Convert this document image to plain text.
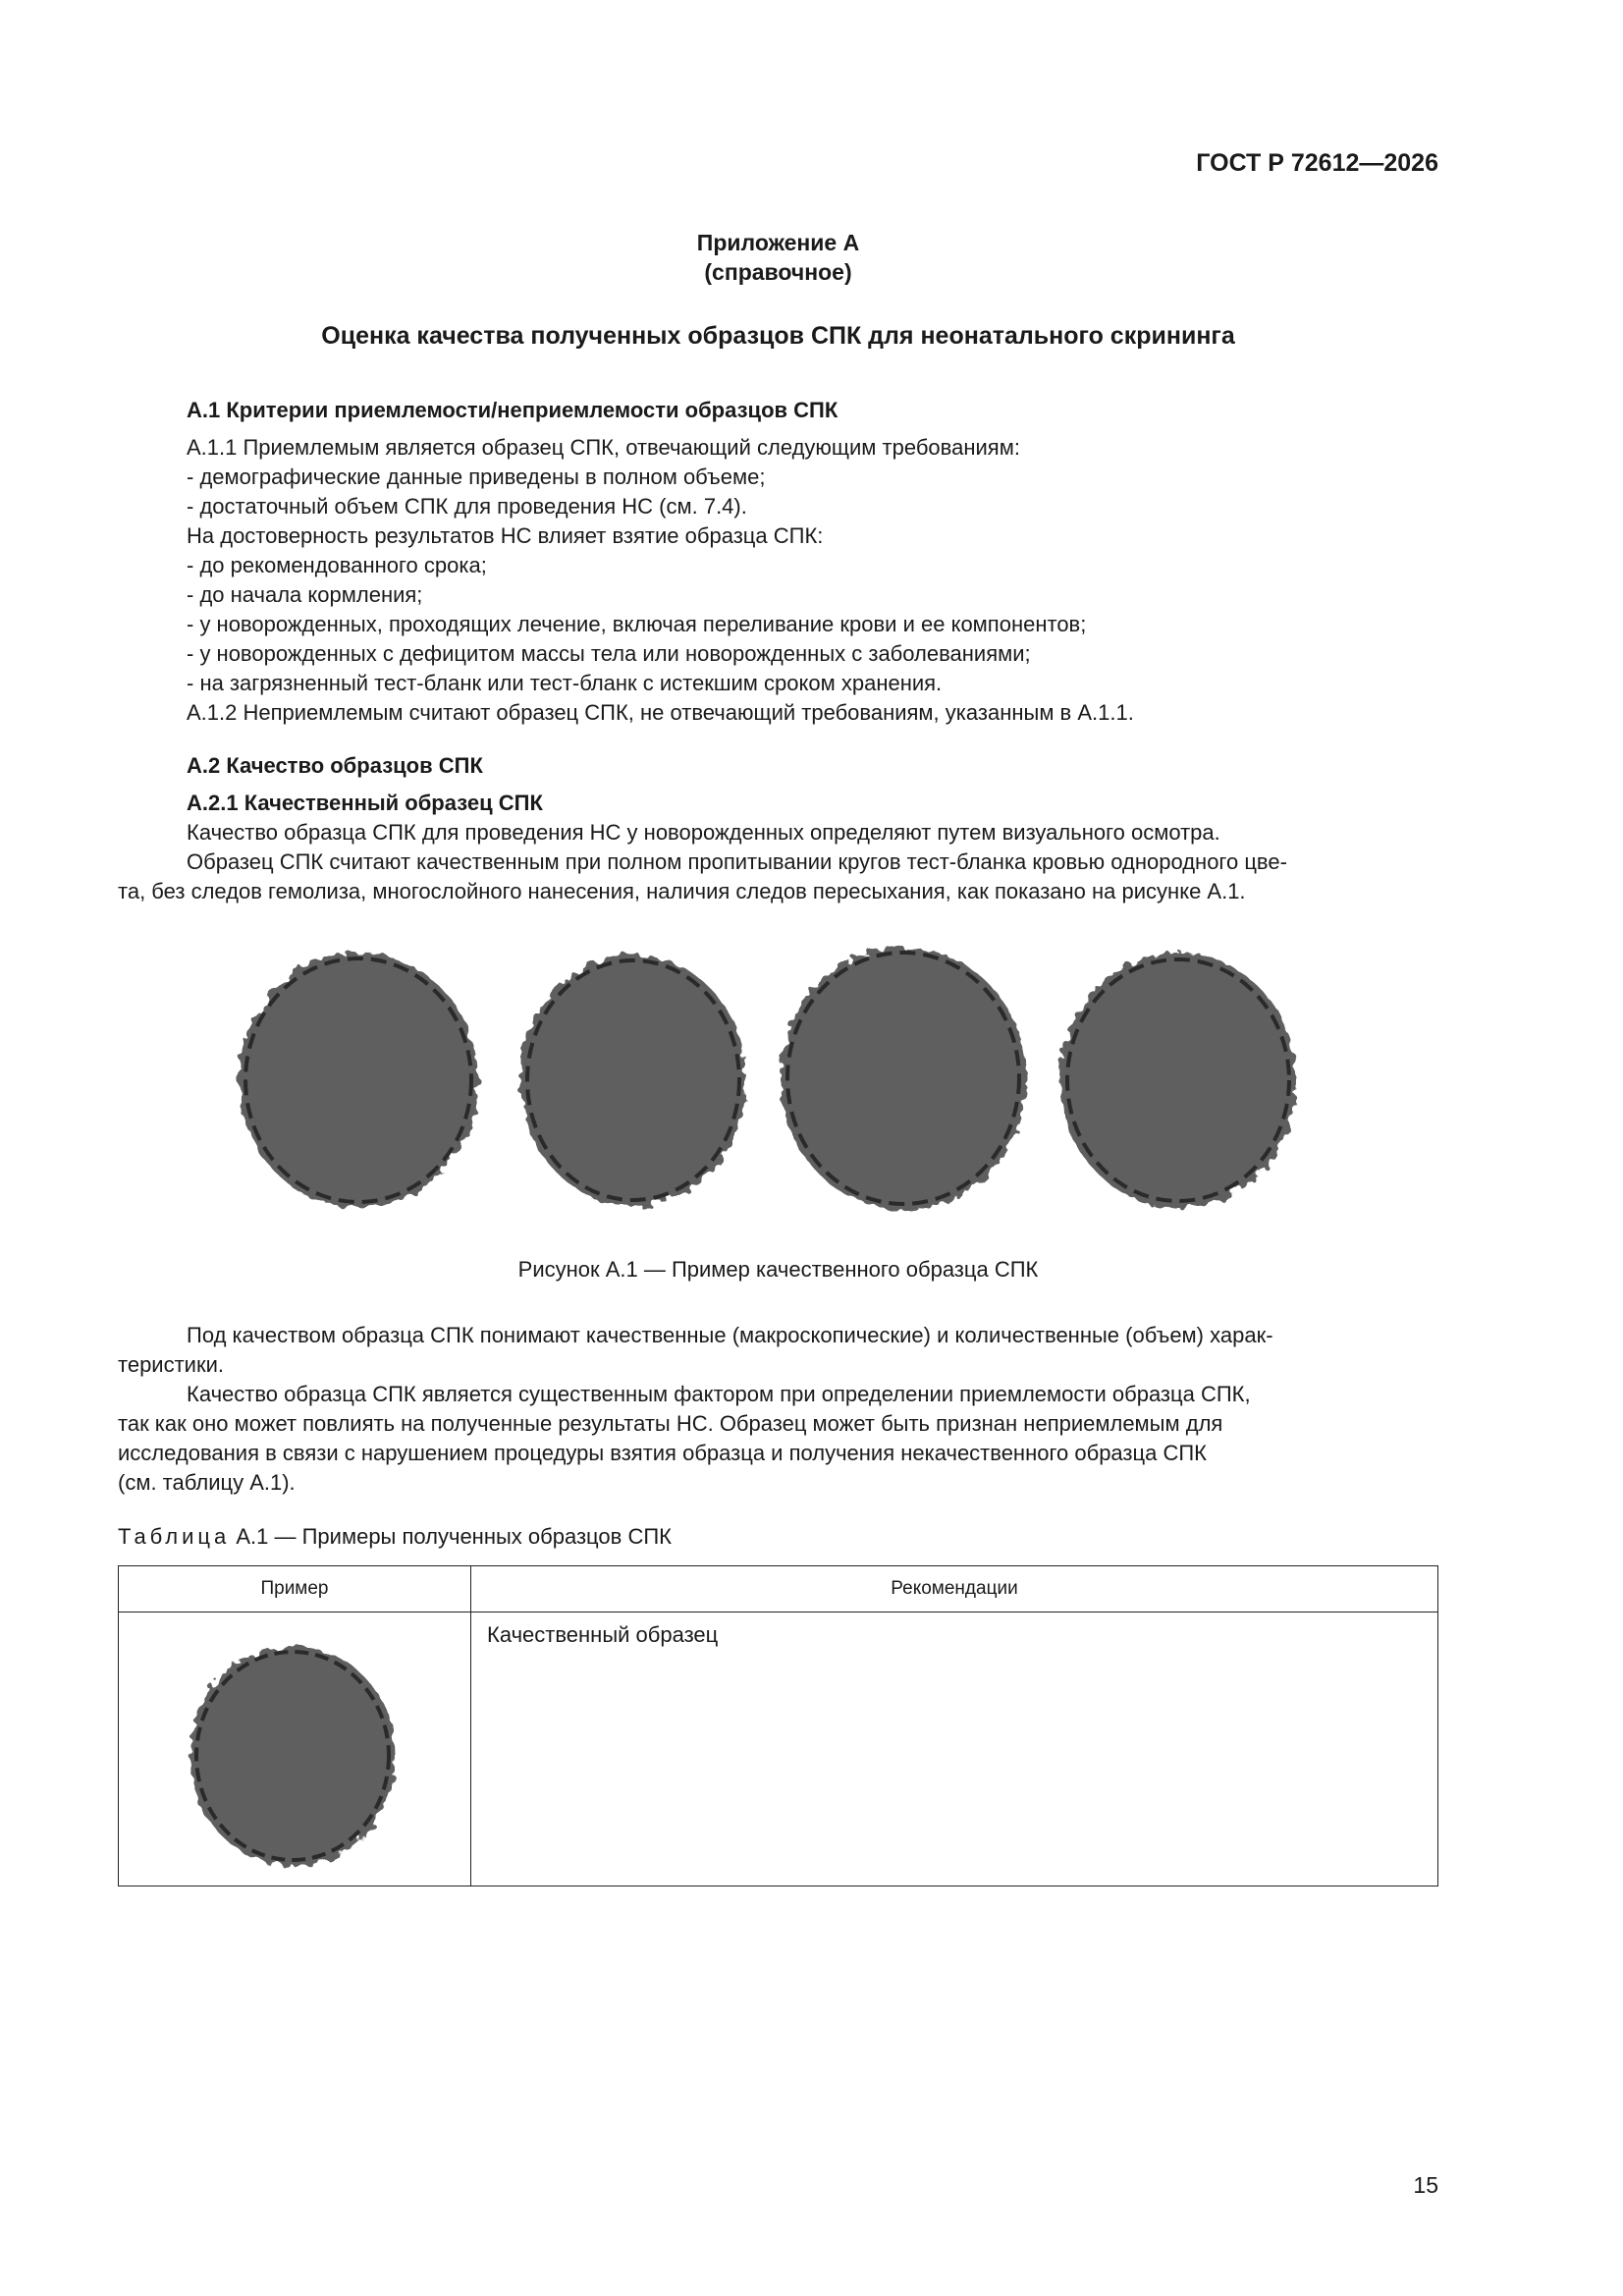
ГОСТ Р 72612—2026
Приложение А
(справочное)
Оценка качества полученных образцов СПК для неонатального скрининга
А.1 Критерии приемлемости/неприемлемости образцов СПК
А.1.1 Приемлемым является образец СПК, отвечающий следующим требованиям:
- демографические данные приведены в полном объеме;
- достаточный объем СПК для проведения НС (см. 7.4).
На достоверность результатов НС влияет взятие образца СПК:
- до рекомендованного срока;
- до начала кормления;
- у новорожденных, проходящих лечение, включая переливание крови и ее компонентов;
- у новорожденных с дефицитом массы тела или новорожденных с заболеваниями;
- на загрязненный тест-бланк или тест-бланк с истекшим сроком хранения.
А.1.2 Неприемлемым считают образец СПК, не отвечающий требованиям, указанным в А.1.1.
А.2 Качество образцов СПК
А.2.1 Качественный образец СПК
Качество образца СПК для проведения НС у новорожденных определяют путем визуального осмотра.
Образец СПК считают качественным при полном пропитывании кругов тест-бланка кровью однородного цве-
та, без следов гемолиза, многослойного нанесения, наличия следов пересыхания, как показано на рисунке А.1.
Рисунок А.1 — Пример качественного образца СПК
Под качеством образца СПК понимают качественные (макроскопические) и количественные (объем) харак-
теристики.
Качество образца СПК является существенным фактором при определении приемлемости образца СПК,
так как оно может повлиять на полученные результаты НС. Образец может быть признан неприемлемым для
исследования в связи с нарушением процедуры взятия образца и получения некачественного образца СПК
(см. таблицу А.1).
Таблица А.1 — Примеры полученных образцов СПК
Пример	Рекомендации

	Качественный образец
15
